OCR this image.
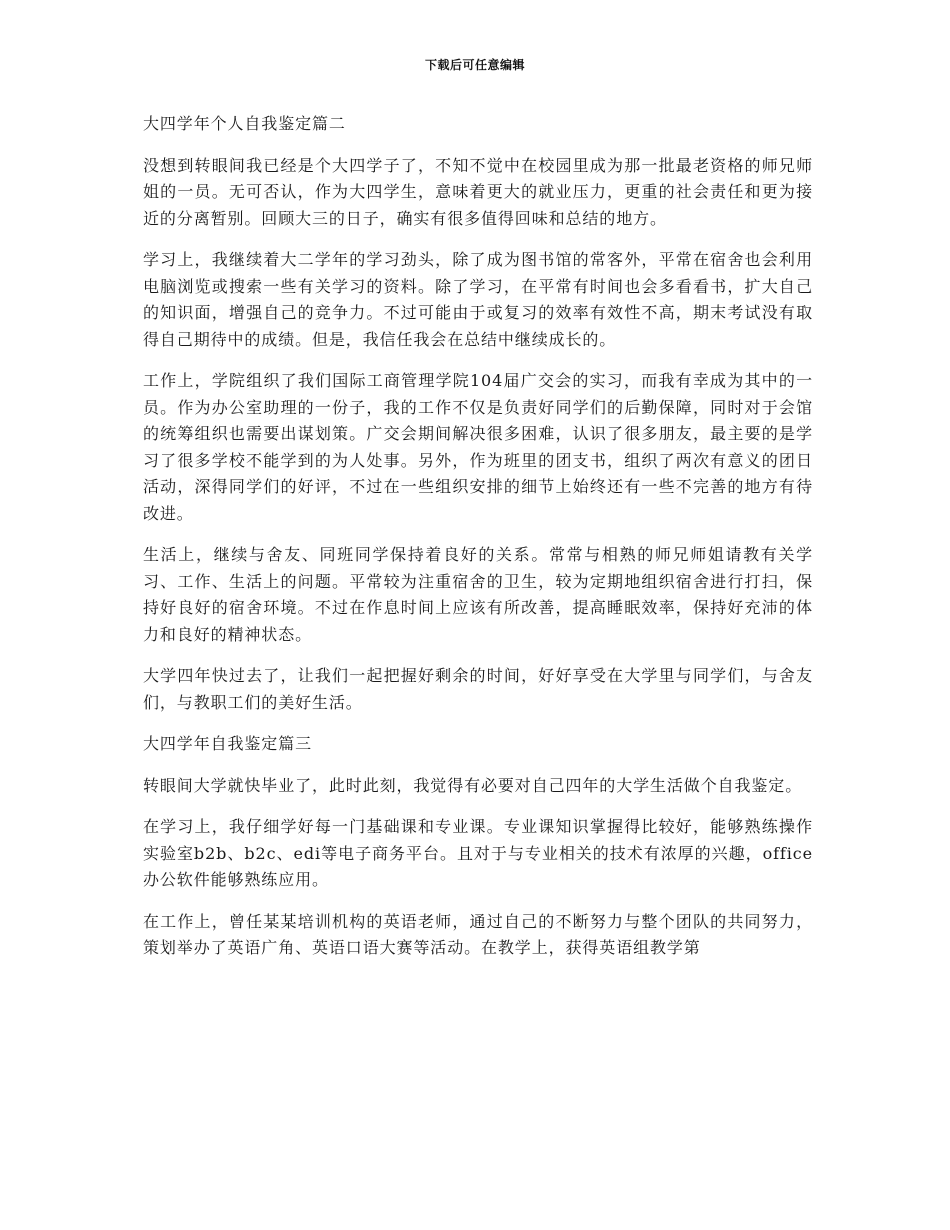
下载后可任意编辑

大四学年个人自我鉴定篇二

没想到转眼间我已经是个大四学子了，不知不觉中在校园里成为那一批最老资格的师兄师姐的一员。无可否认，作为大四学生，意味着更大的就业压力，更重的社会责任和更为接近的分离暂别。回顾大三的日子，确实有很多值得回味和总结的地方。

学习上，我继续着大二学年的学习劲头，除了成为图书馆的常客外，平常在宿舍也会利用电脑浏览或搜索一些有关学习的资料。除了学习，在平常有时间也会多看看书，扩大自己的知识面，增强自己的竞争力。不过可能由于或复习的效率有效性不高，期末考试没有取得自己期待中的成绩。但是，我信任我会在总结中继续成长的。

工作上，学院组织了我们国际工商管理学院104届广交会的实习，而我有幸成为其中的一员。作为办公室助理的一份子，我的工作不仅是负责好同学们的后勤保障，同时对于会馆的统筹组织也需要出谋划策。广交会期间解决很多困难，认识了很多朋友，最主要的是学习了很多学校不能学到的为人处事。另外，作为班里的团支书，组织了两次有意义的团日活动，深得同学们的好评，不过在一些组织安排的细节上始终还有一些不完善的地方有待改进。

生活上，继续与舍友、同班同学保持着良好的关系。常常与相熟的师兄师姐请教有关学习、工作、生活上的问题。平常较为注重宿舍的卫生，较为定期地组织宿舍进行打扫，保持好良好的宿舍环境。不过在作息时间上应该有所改善，提高睡眠效率，保持好充沛的体力和良好的精神状态。

大学四年快过去了，让我们一起把握好剩余的时间，好好享受在大学里与同学们，与舍友们，与教职工们的美好生活。

大四学年自我鉴定篇三

转眼间大学就快毕业了，此时此刻，我觉得有必要对自己四年的大学生活做个自我鉴定。

在学习上，我仔细学好每一门基础课和专业课。专业课知识掌握得比较好，能够熟练操作实验室b2b、b2c、edi等电子商务平台。且对于与专业相关的技术有浓厚的兴趣，office办公软件能够熟练应用。

在工作上，曾任某某培训机构的英语老师，通过自己的不断努力与整个团队的共同努力，策划举办了英语广角、英语口语大赛等活动。在教学上，获得英语组教学第
